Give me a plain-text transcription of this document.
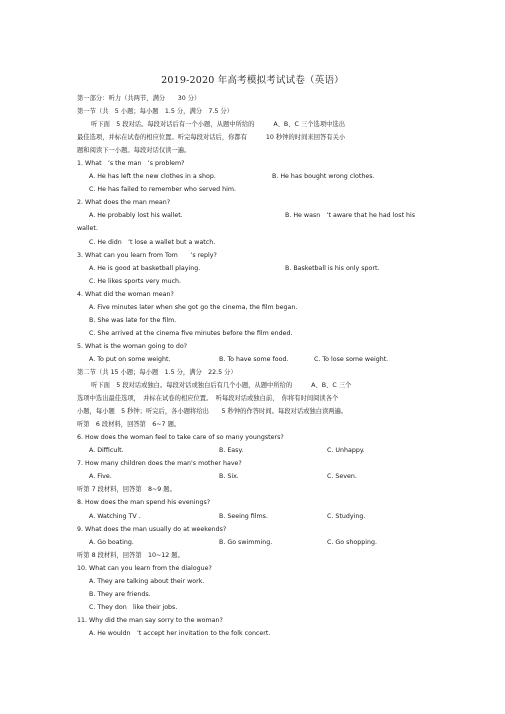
2019-2020 年高考模拟考试试卷（英语）
第一部分：听力（共两节，满分　　30 分）
第一节（共　5 小题；每小题　1.5 分，满分　7.5 分）
听下面　5 段对话。每段对话后有一个小题，从题中所给的　　　A、B、C 三个选项中选出
最佳选项，并标在试卷的相应位置。听完每段对话后，你都有　　　10 秒钟的时间来回答有关小
题和阅读下一小题。每段对话仅读一遍。
1. What　’s the man　’s problem?
A. He has left the new clothes in a shop.	B. He has bought wrong clothes.
C. He has failed to remember who served him.
2. What does the man mean?
A. He probably lost his wallet.	B. He wasn　’t aware that he had lost his
wallet.
C. He didn　’t lose a wallet but a watch.
3. What can you learn from Tom　　’s reply?
A. He is good at basketball playing.	B. Basketball is his only sport.
C. He likes sports very much.
4. What did the woman mean?
A. Five minutes later when she got go the cinema, the film began.
B. She was late for the film.
C. She arrived at the cinema five minutes before the film ended.
5. What is the woman going to do?
A. To put on some weight.	B. To have some food.	C. To lose some weight.
第二节（共 15 小题；每小题　1.5 分，满分　22.5 分）
听下面　5 段对话或独白。每段对话或独白后有几个小题，从题中所给的　　　A、B、C 三个
选项中选出最佳选项，　并标在试卷的相应位置。　听每段对话或独白前，　你将有时间阅读各个
小题，每小题　5 秒钟；听完后，各小题将给出　　5 秒钟的作答时间。每段对话或独白读两遍。
听第　6 段材料，回答第　6~7 题。
6. How does the woman feel to take care of so many youngsters?
A. Difficult.	B. Easy.	C. Unhappy.
7. How many children does the man's mother have?
A. Five.	B. Six.	C. Seven.
听第 7 段材料，回答第　8~9 题。
8. How does the man spend his evenings?
A. Watching TV .	B. Seeing films.	C. Studying.
9. What does the man usually do at weekends?
A. Go boating.	B. Go swimming.	C. Go shopping.
听第 8 段材料，回答第　10~12 题。
10. What can you learn from the dialogue?
A. They are talking about their work.
B. They are friends.
C. They don　like their jobs.
11. Why did the man say sorry to the woman?
A. He wouldn　’t accept her invitation to the folk concert.
